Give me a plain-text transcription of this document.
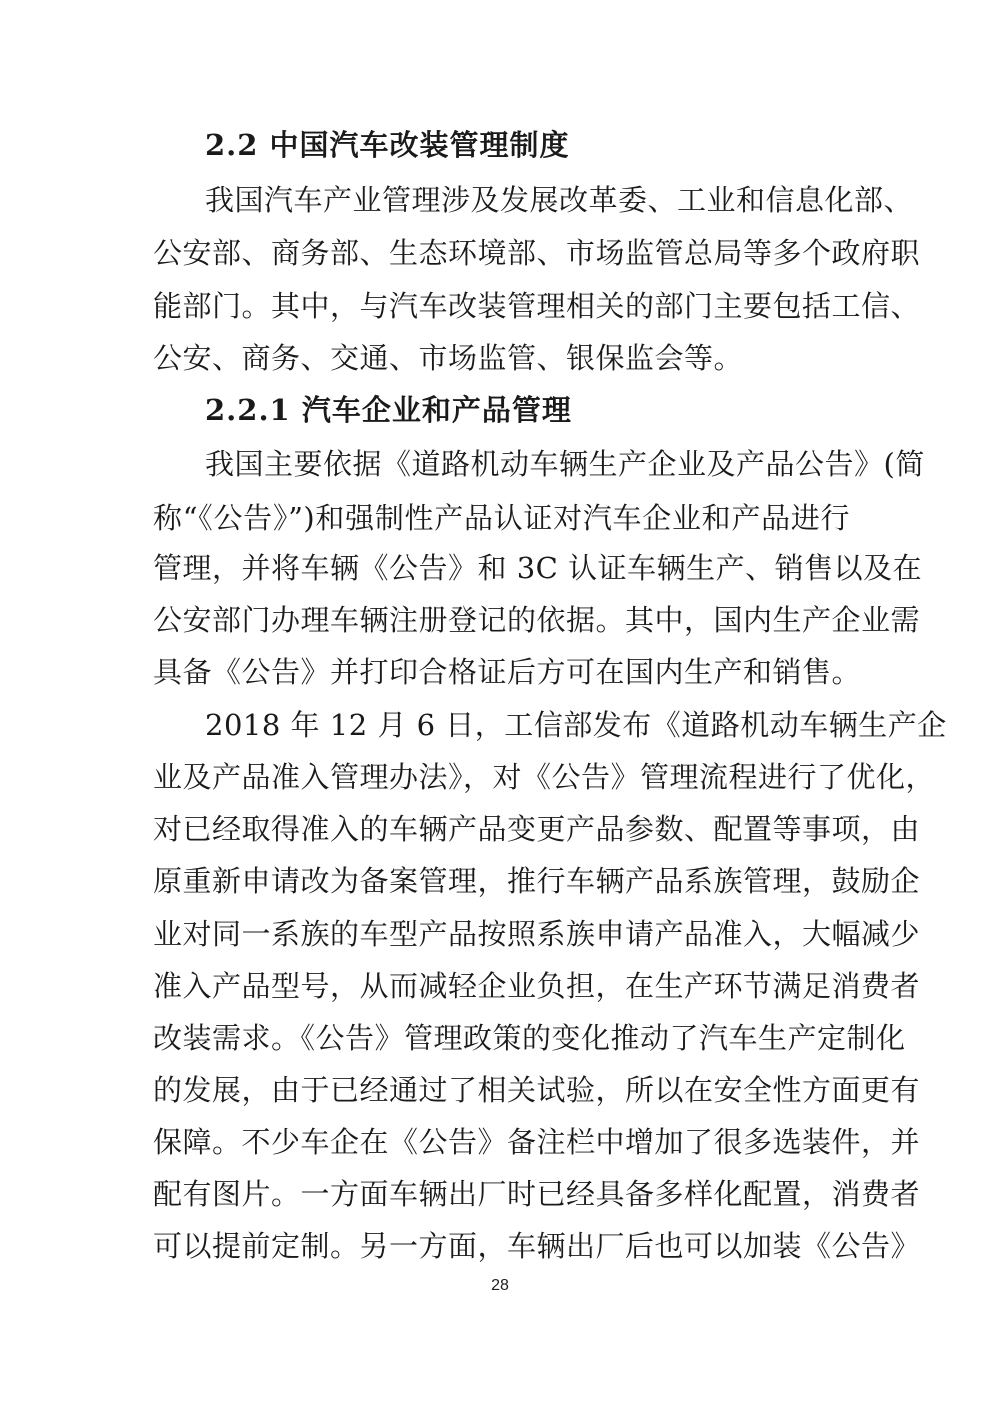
2.2 中国汽车改装管理制度
我国汽车产业管理涉及发展改革委、工业和信息化部、
公安部、商务部、生态环境部、市场监管总局等多个政府职
能部门。其中，与汽车改装管理相关的部门主要包括工信、
公安、商务、交通、市场监管、银保监会等。
2.2.1 汽车企业和产品管理
我国主要依据《道路机动车辆生产企业及产品公告》(简
称“《公告》”)和强制性产品认证对汽车企业和产品进行
管理，并将车辆《公告》和 3C 认证车辆生产、销售以及在
公安部门办理车辆注册登记的依据。其中，国内生产企业需
具备《公告》并打印合格证后方可在国内生产和销售。
2018 年 12 月 6 日，工信部发布《道路机动车辆生产企
业及产品准入管理办法》，对《公告》管理流程进行了优化，
对已经取得准入的车辆产品变更产品参数、配置等事项，由
原重新申请改为备案管理，推行车辆产品系族管理，鼓励企
业对同一系族的车型产品按照系族申请产品准入，大幅减少
准入产品型号，从而减轻企业负担，在生产环节满足消费者
改装需求。《公告》管理政策的变化推动了汽车生产定制化
的发展，由于已经通过了相关试验，所以在安全性方面更有
保障。不少车企在《公告》备注栏中增加了很多选装件，并
配有图片。一方面车辆出厂时已经具备多样化配置，消费者
可以提前定制。另一方面，车辆出厂后也可以加装《公告》
28
